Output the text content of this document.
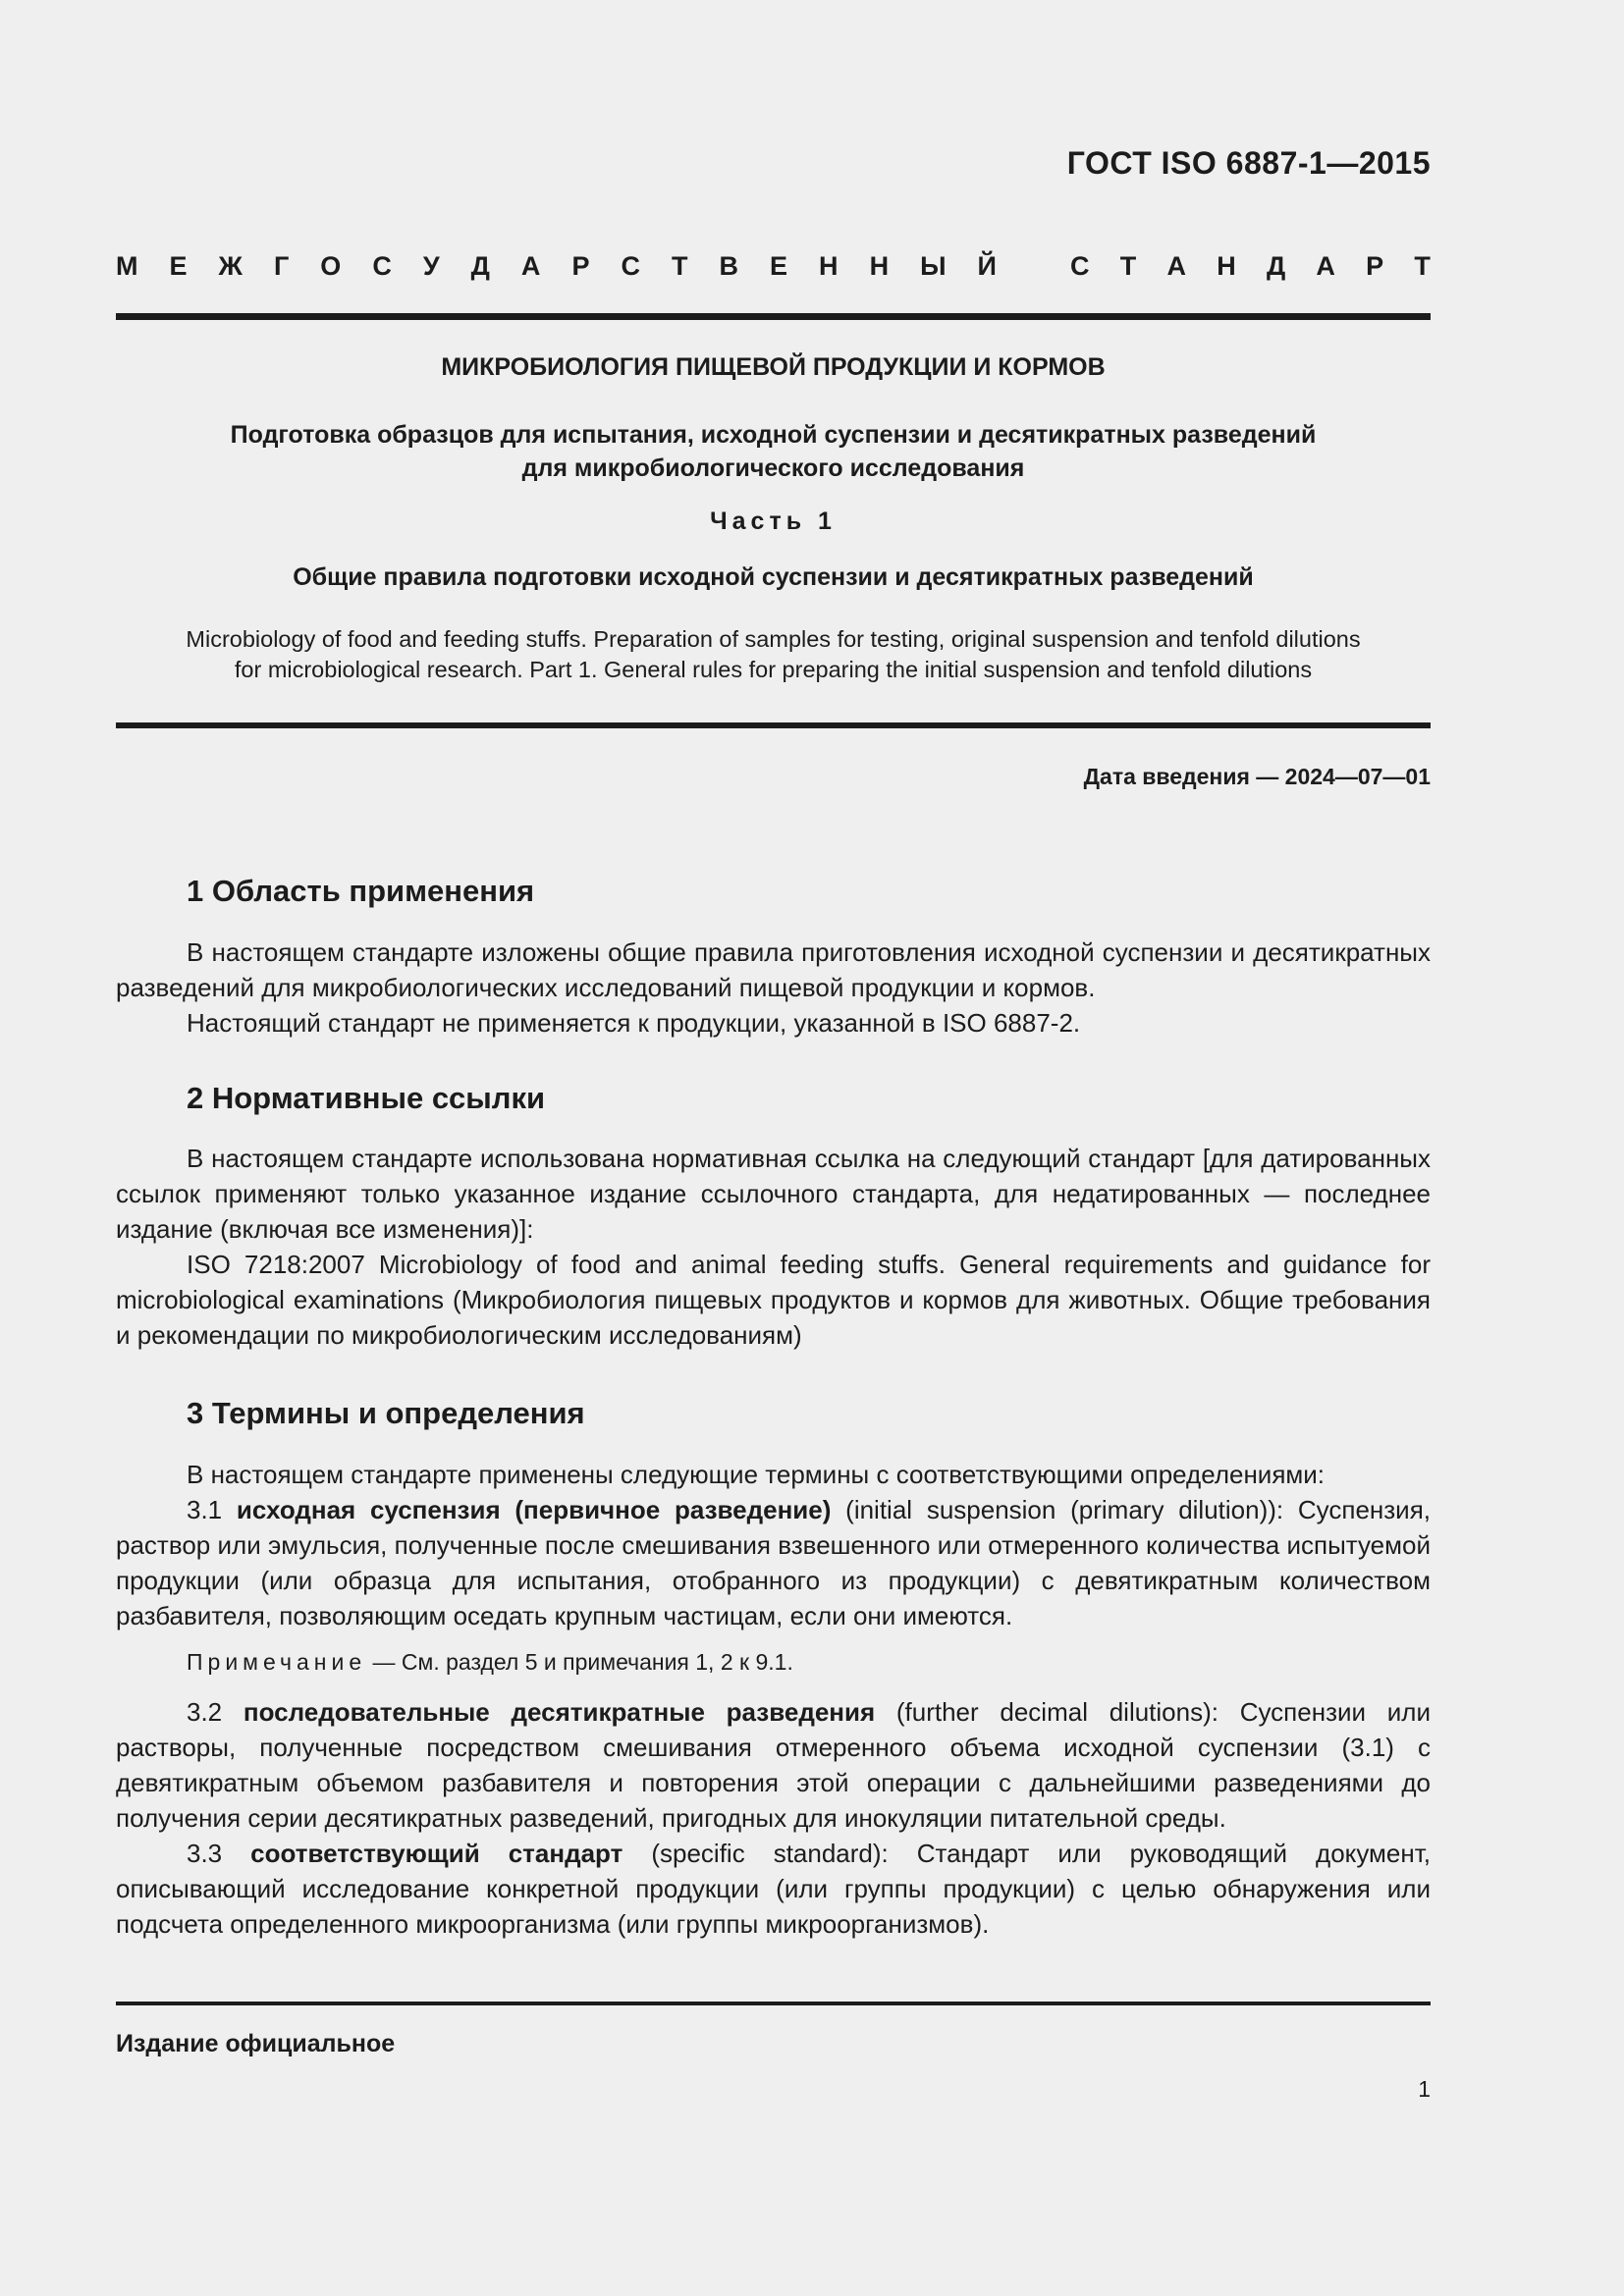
ГОСТ ISO 6887-1—2015
М Е Ж Г О С У Д А Р С Т В Е Н Н Ы Й	С Т А Н Д А Р Т
МИКРОБИОЛОГИЯ ПИЩЕВОЙ ПРОДУКЦИИ И КОРМОВ
Подготовка образцов для испытания, исходной суспензии и десятикратных разведений
для микробиологического исследования
Часть 1
Общие правила подготовки исходной суспензии и десятикратных разведений
Microbiology of food and feeding stuffs. Preparation of samples for testing, original suspension and tenfold dilutions
for microbiological research. Part 1. General rules for preparing the initial suspension and tenfold dilutions
Дата введения — 2024—07—01
1 Область применения

В настоящем стандарте изложены общие правила приготовления исходной суспензии и десятикратных разведений для микробиологических исследований пищевой продукции и кормов.

Настоящий стандарт не применяется к продукции, указанной в ISO 6887-2.

2 Нормативные ссылки

В настоящем стандарте использована нормативная ссылка на следующий стандарт [для датированных ссылок применяют только указанное издание ссылочного стандарта, для недатированных — последнее издание (включая все изменения)]:

ISO 7218:2007 Microbiology of food and animal feeding stuffs. General requirements and guidance for microbiological examinations (Микробиология пищевых продуктов и кормов для животных. Общие требования и рекомендации по микробиологическим исследованиям)

3 Термины и определения

В настоящем стандарте применены следующие термины с соответствующими определениями:

3.1 исходная суспензия (первичное разведение) (initial suspension (primary dilution)): Суспензия, раствор или эмульсия, полученные после смешивания взвешенного или отмеренного количества испытуемой продукции (или образца для испытания, отобранного из продукции) с девятикратным количеством разбавителя, позволяющим оседать крупным частицам, если они имеются.

Примечание — См. раздел 5 и примечания 1, 2 к 9.1.

3.2 последовательные десятикратные разведения (further decimal dilutions): Суспензии или растворы, полученные посредством смешивания отмеренного объема исходной суспензии (3.1) с девятикратным объемом разбавителя и повторения этой операции с дальнейшими разведениями до получения серии десятикратных разведений, пригодных для инокуляции питательной среды.

3.3 соответствующий стандарт (specific standard): Стандарт или руководящий документ, описывающий исследование конкретной продукции (или группы продукции) с целью обнаружения или подсчета определенного микроорганизма (или группы микроорганизмов).

Издание официальное
1
